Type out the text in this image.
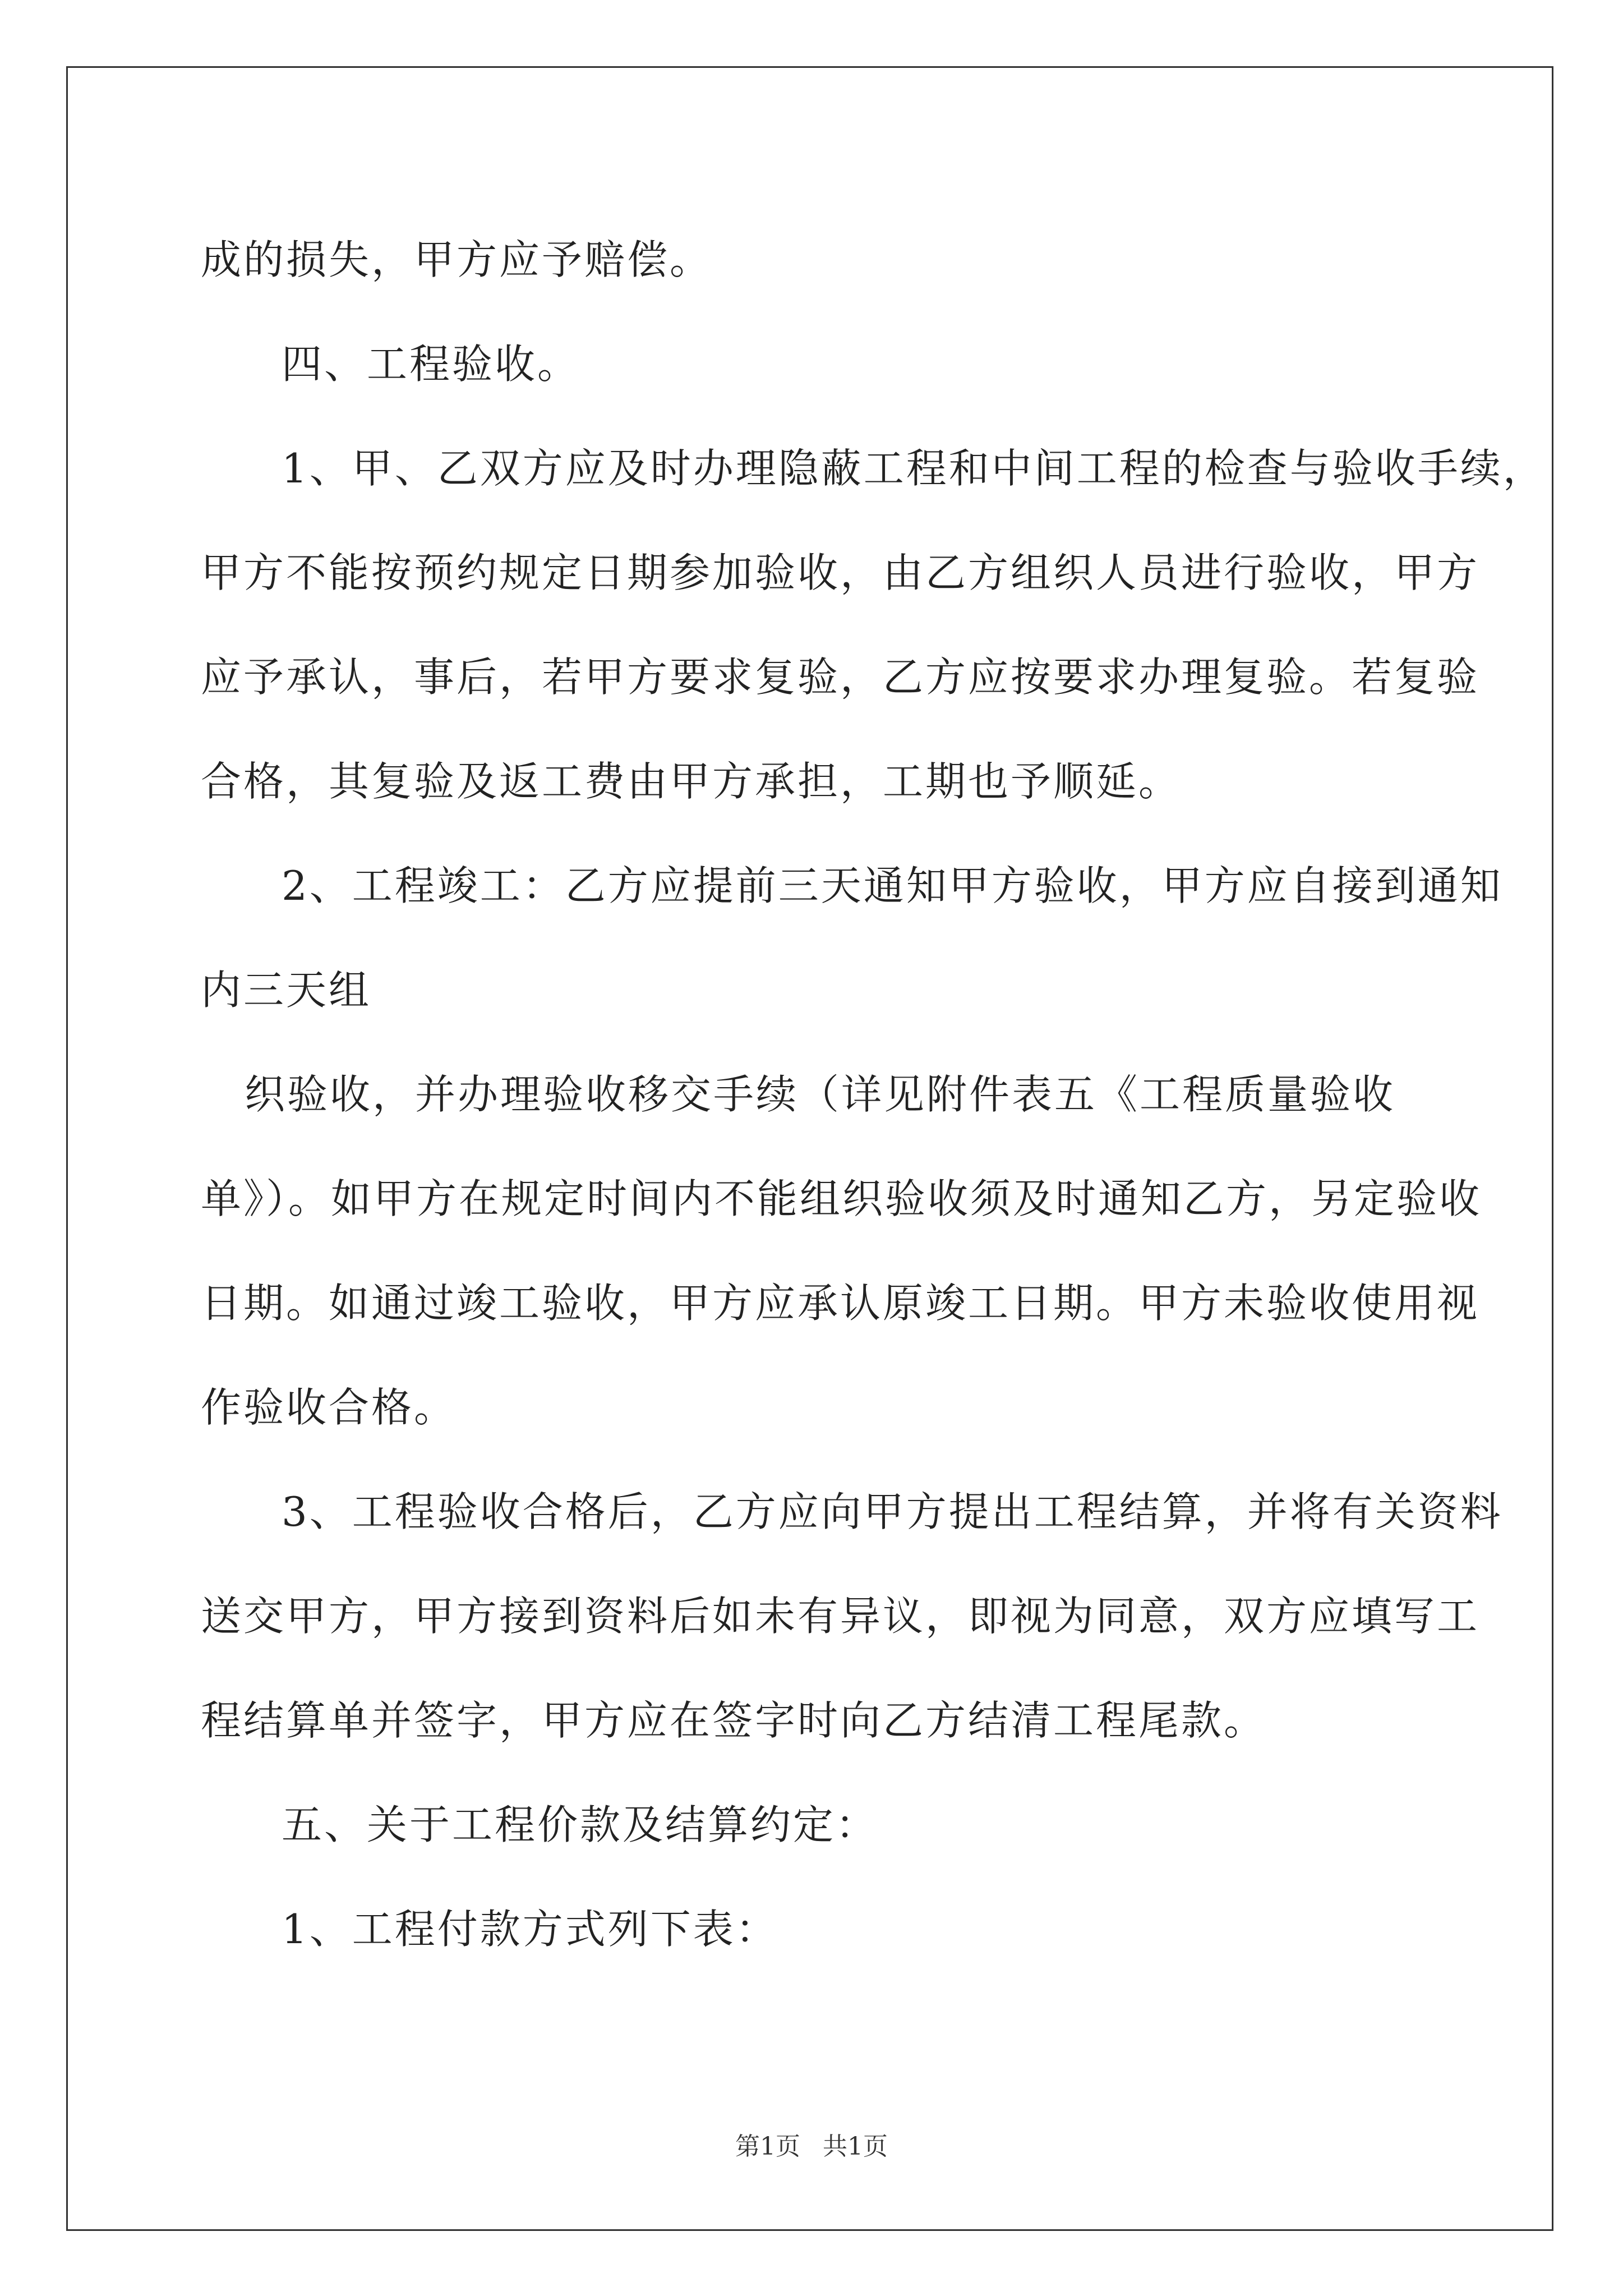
成的损失，甲方应予赔偿。

四、工程验收。

1、甲、乙双方应及时办理隐蔽工程和中间工程的检查与验收手续，

甲方不能按预约规定日期参加验收，由乙方组织人员进行验收，甲方

应予承认，事后，若甲方要求复验，乙方应按要求办理复验。若复验

合格，其复验及返工费由甲方承担，工期也予顺延。

2、工程竣工：乙方应提前三天通知甲方验收，甲方应自接到通知

内三天组

织验收，并办理验收移交手续（详见附件表五《工程质量验收

单》）。如甲方在规定时间内不能组织验收须及时通知乙方，另定验收

日期。如通过竣工验收，甲方应承认原竣工日期。甲方未验收使用视

作验收合格。

3、工程验收合格后，乙方应向甲方提出工程结算，并将有关资料

送交甲方，甲方接到资料后如未有异议，即视为同意，双方应填写工

程结算单并签字，甲方应在签字时向乙方结清工程尾款。

五、关于工程价款及结算约定：

1、工程付款方式列下表：

第1页 共1页
